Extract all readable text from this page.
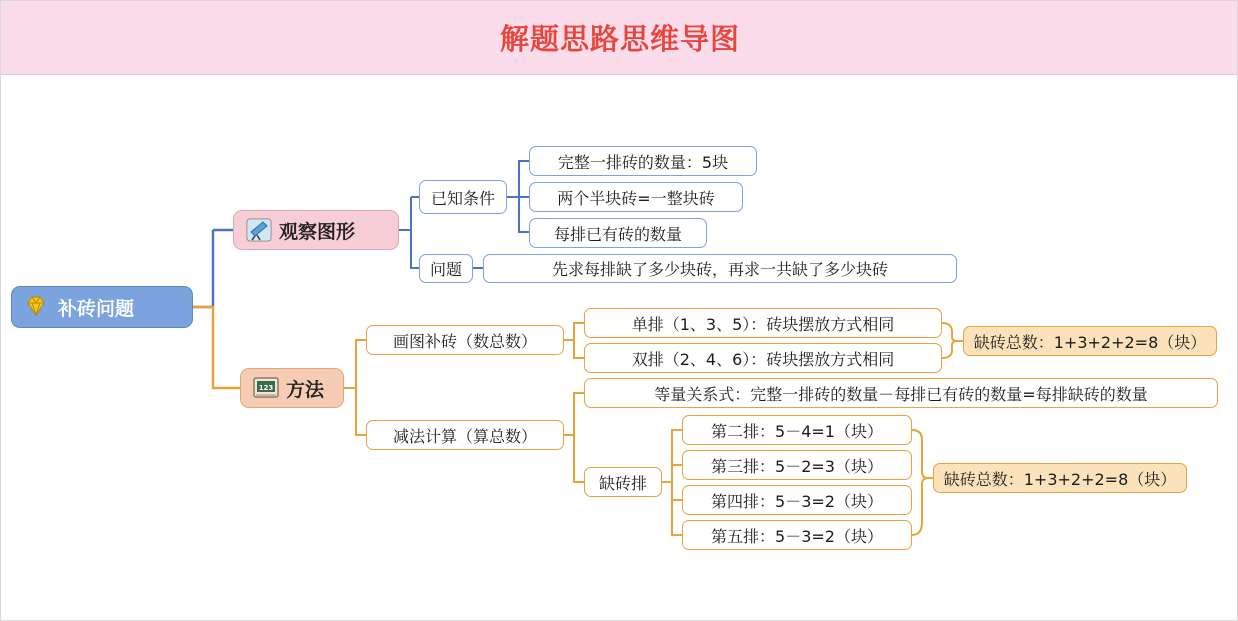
解题思路思维导图
补砖问题
观察图形
已知条件
完整一排砖的数量：5块
两个半块砖=一整块砖
每排已有砖的数量
问题	先求每排缺了多少块砖，再求一共缺了多少块砖
123 方法
画图补砖（数总数）
单排（1、3、5）：砖块摆放方式相同
双排（2、4、6）：砖块摆放方式相同
缺砖总数：1+3+2+2=8（块）
减法计算（算总数）
等量关系式：完整一排砖的数量－每排已有砖的数量=每排缺砖的数量
缺砖排
第二排：5－4=1（块）
第三排：5－2=3（块）
第四排：5－3=2（块）
第五排：5－3=2（块）
缺砖总数：1+3+2+2=8（块）
